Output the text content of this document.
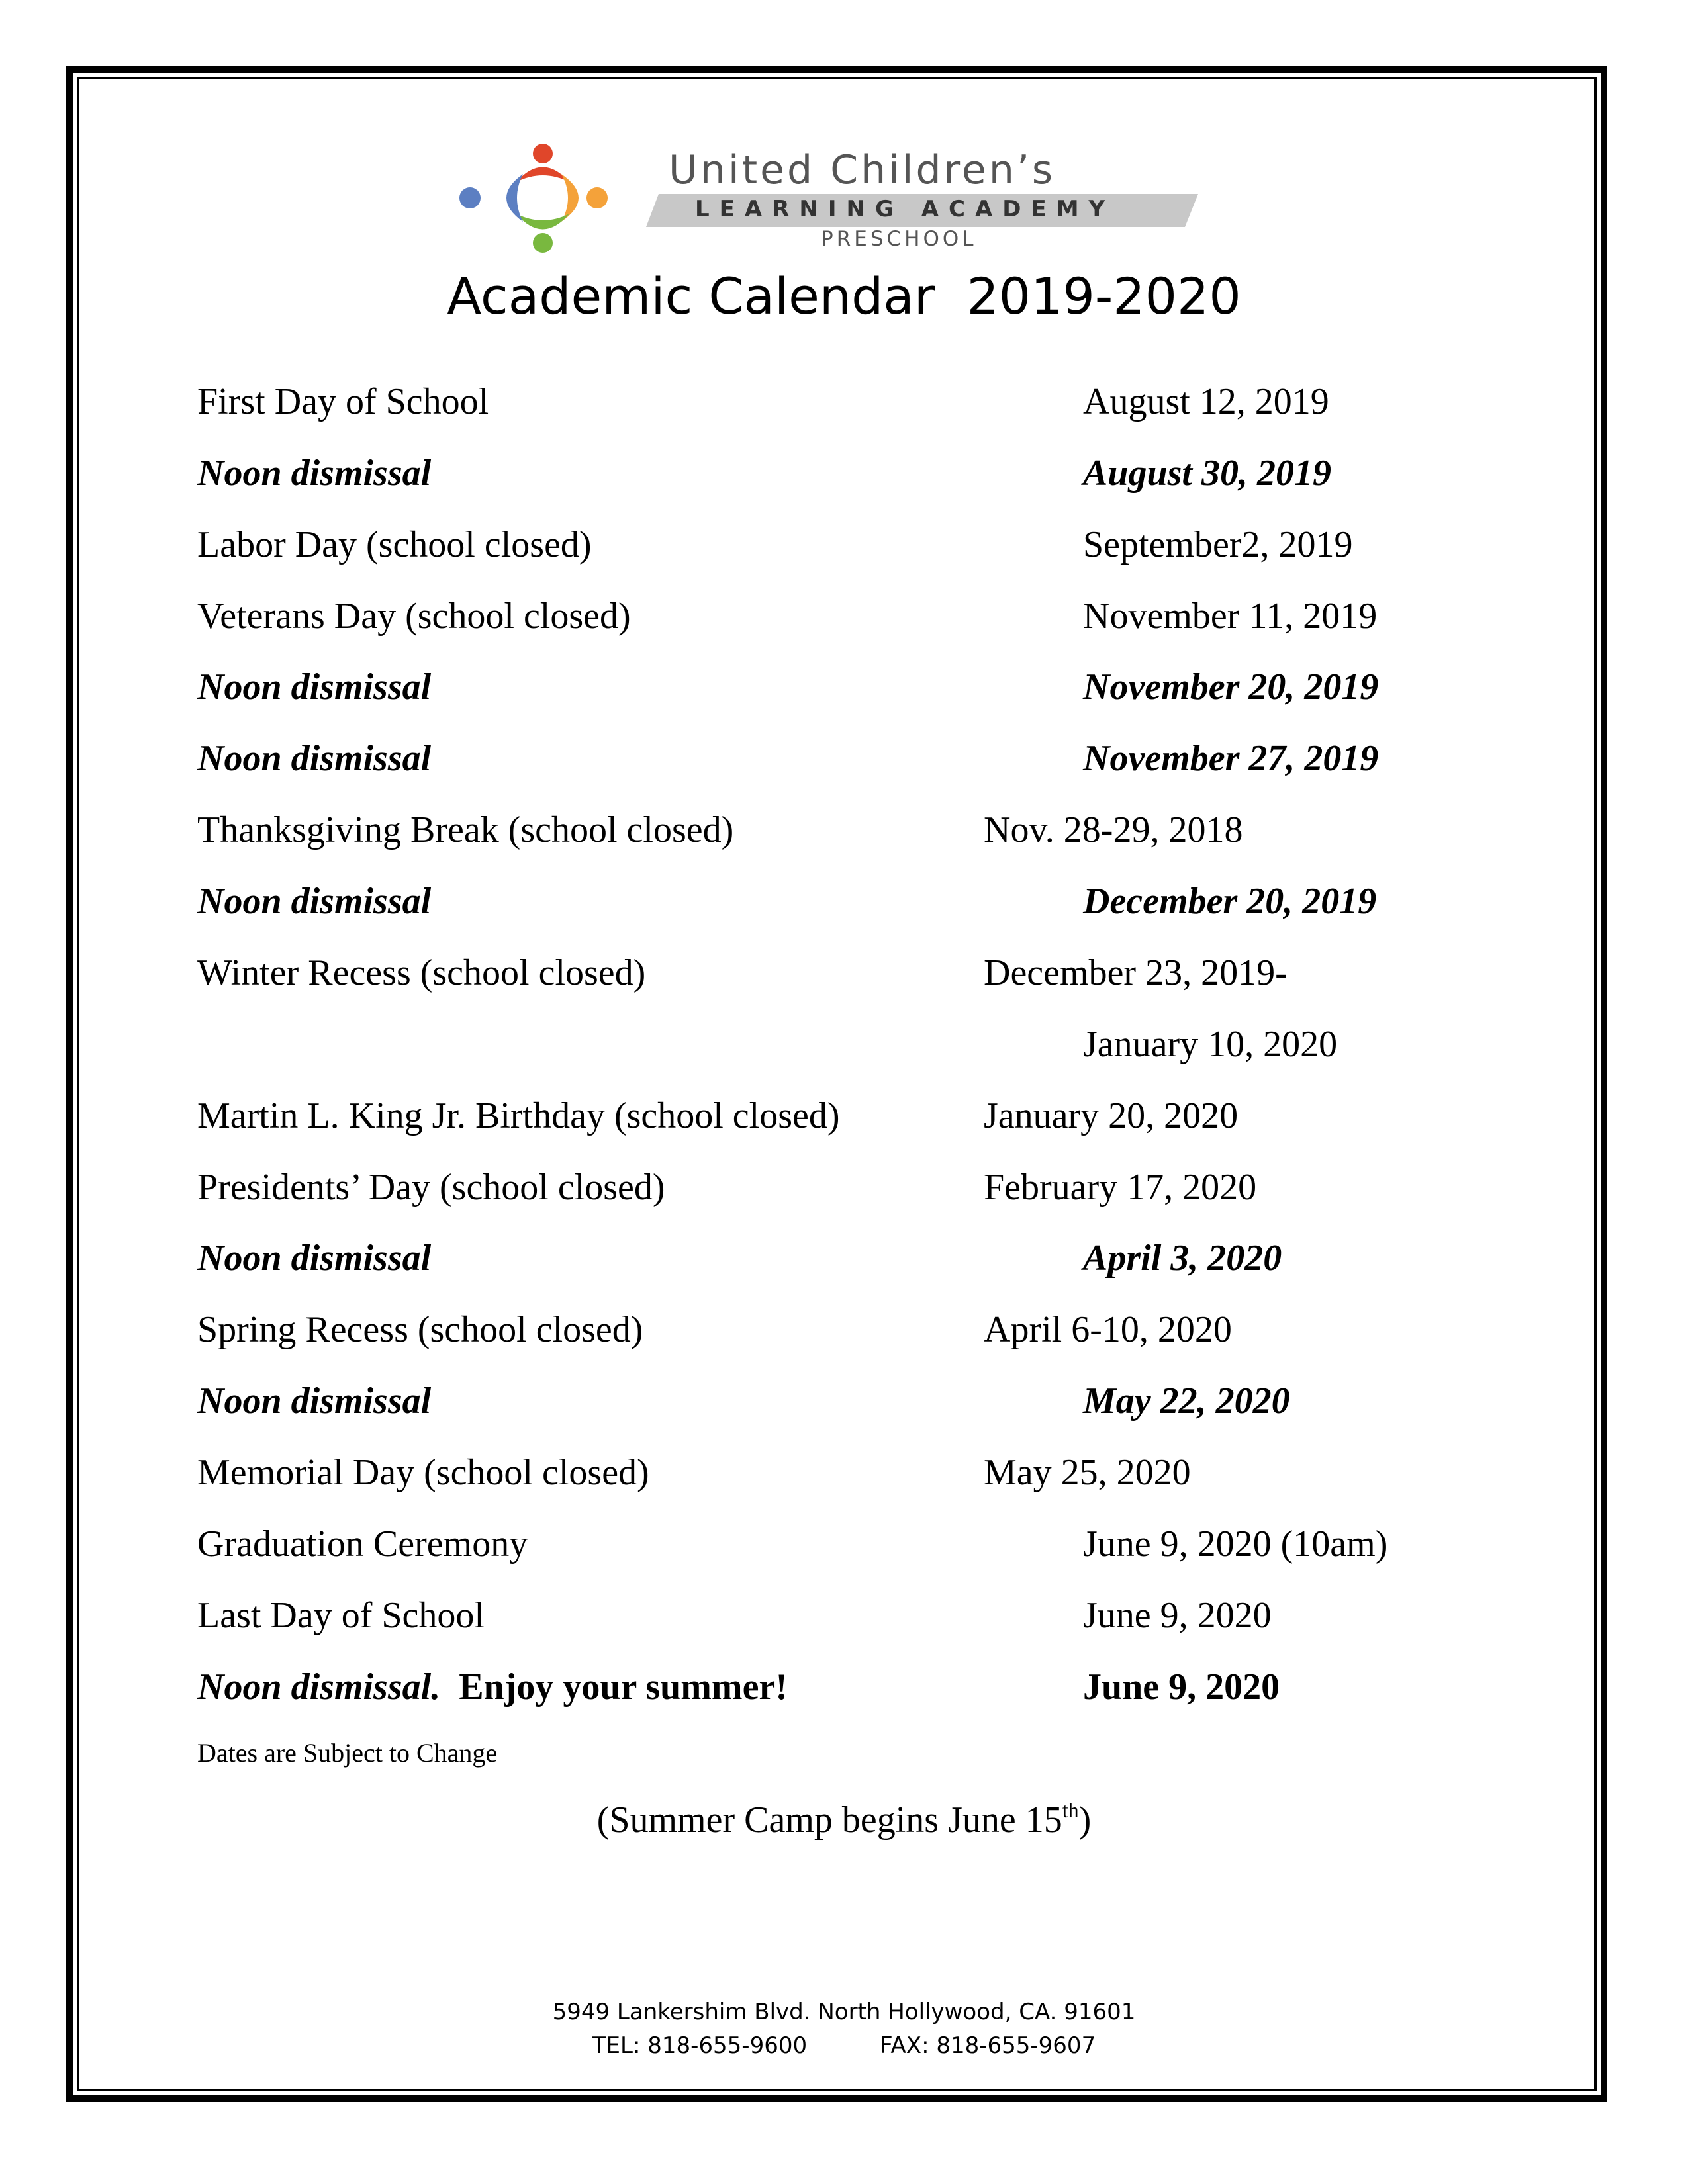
United Children’s
LEARNING ACADEMY
PRESCHOOL
Academic Calendar  2019-2020
First Day of School	August 12, 2019
Noon dismissal	August 30, 2019
Labor Day (school closed)	September2, 2019
Veterans Day (school closed)	November 11, 2019
Noon dismissal	November 20, 2019
Noon dismissal	November 27, 2019
Thanksgiving Break (school closed)	Nov. 28-29, 2018
Noon dismissal	December 20, 2019
Winter Recess (school closed)	December 23, 2019-
January 10, 2020
Martin L. King Jr. Birthday (school closed)	January 20, 2020
Presidents’ Day (school closed)	February 17, 2020
Noon dismissal	April 3, 2020
Spring Recess (school closed)	April 6-10, 2020
Noon dismissal	May 22, 2020
Memorial Day (school closed)	May 25, 2020
Graduation Ceremony	June 9, 2020 (10am)
Last Day of School	June 9, 2020
Noon dismissal. Enjoy your summer!	June 9, 2020
Dates are Subject to Change
(Summer Camp begins June 15th)
5949 Lankershim Blvd. North Hollywood, CA. 91601
TEL: 818-655-9600	FAX: 818-655-9607
